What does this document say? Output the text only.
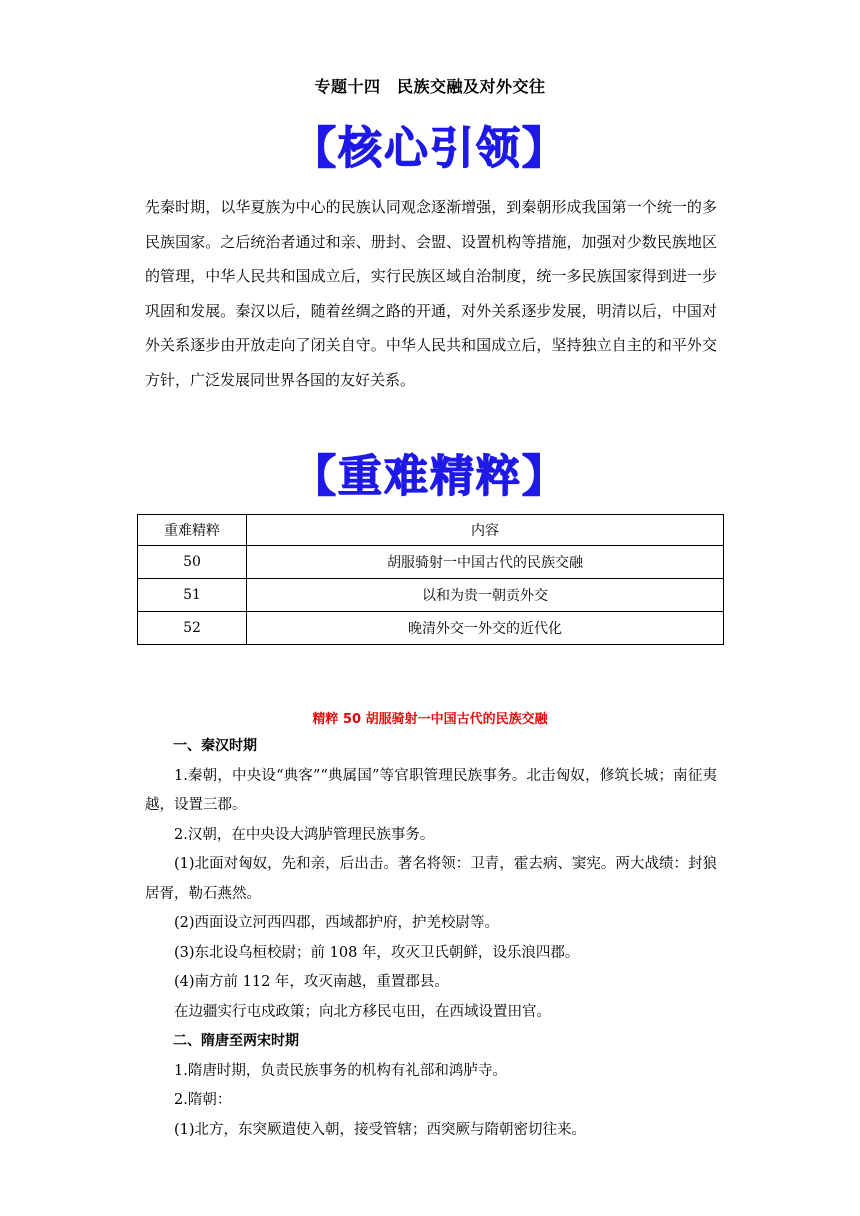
专题十四　民族交融及对外交往
【核心引领】
先秦时期，以华夏族为中心的民族认同观念逐渐增强，到秦朝形成我国第一个统一的多民族国家。之后统治者通过和亲、册封、会盟、设置机构等措施，加强对少数民族地区的管理，中华人民共和国成立后，实行民族区域自治制度，统一多民族国家得到进一步巩固和发展。秦汉以后，随着丝绸之路的开通，对外关系逐步发展，明清以后，中国对外关系逐步由开放走向了闭关自守。中华人民共和国成立后，坚持独立自主的和平外交方针，广泛发展同世界各国的友好关系。
【重难精粹】
重难精粹	内容
50	胡服骑射一中国古代的民族交融
51	以和为贵一朝贡外交
52	晚清外交一外交的近代化
精粹 50 胡服骑射一中国古代的民族交融

一、秦汉时期

1.秦朝，中央设“典客”“典属国”等官职管理民族事务。北击匈奴，修筑长城；南征夷越，设置三郡。

2.汉朝，在中央设大鸿胪管理民族事务。

(1)北面对匈奴，先和亲，后出击。著名将领：卫青，霍去病、窦宪。两大战绩：封狼居胥，勒石燕然。

(2)西面设立河西四郡，西域都护府，护羌校尉等。

(3)东北设乌桓校尉；前 108 年，攻灭卫氏朝鲜，设乐浪四郡。

(4)南方前 112 年，攻灭南越，重置郡县。

在边疆实行屯戍政策；向北方移民屯田，在西域设置田官。

二、隋唐至两宋时期

1.隋唐时期，负责民族事务的机构有礼部和鸿胪寺。

2.隋朝：

(1)北方，东突厥遣使入朝，接受管辖；西突厥与隋朝密切往来。
